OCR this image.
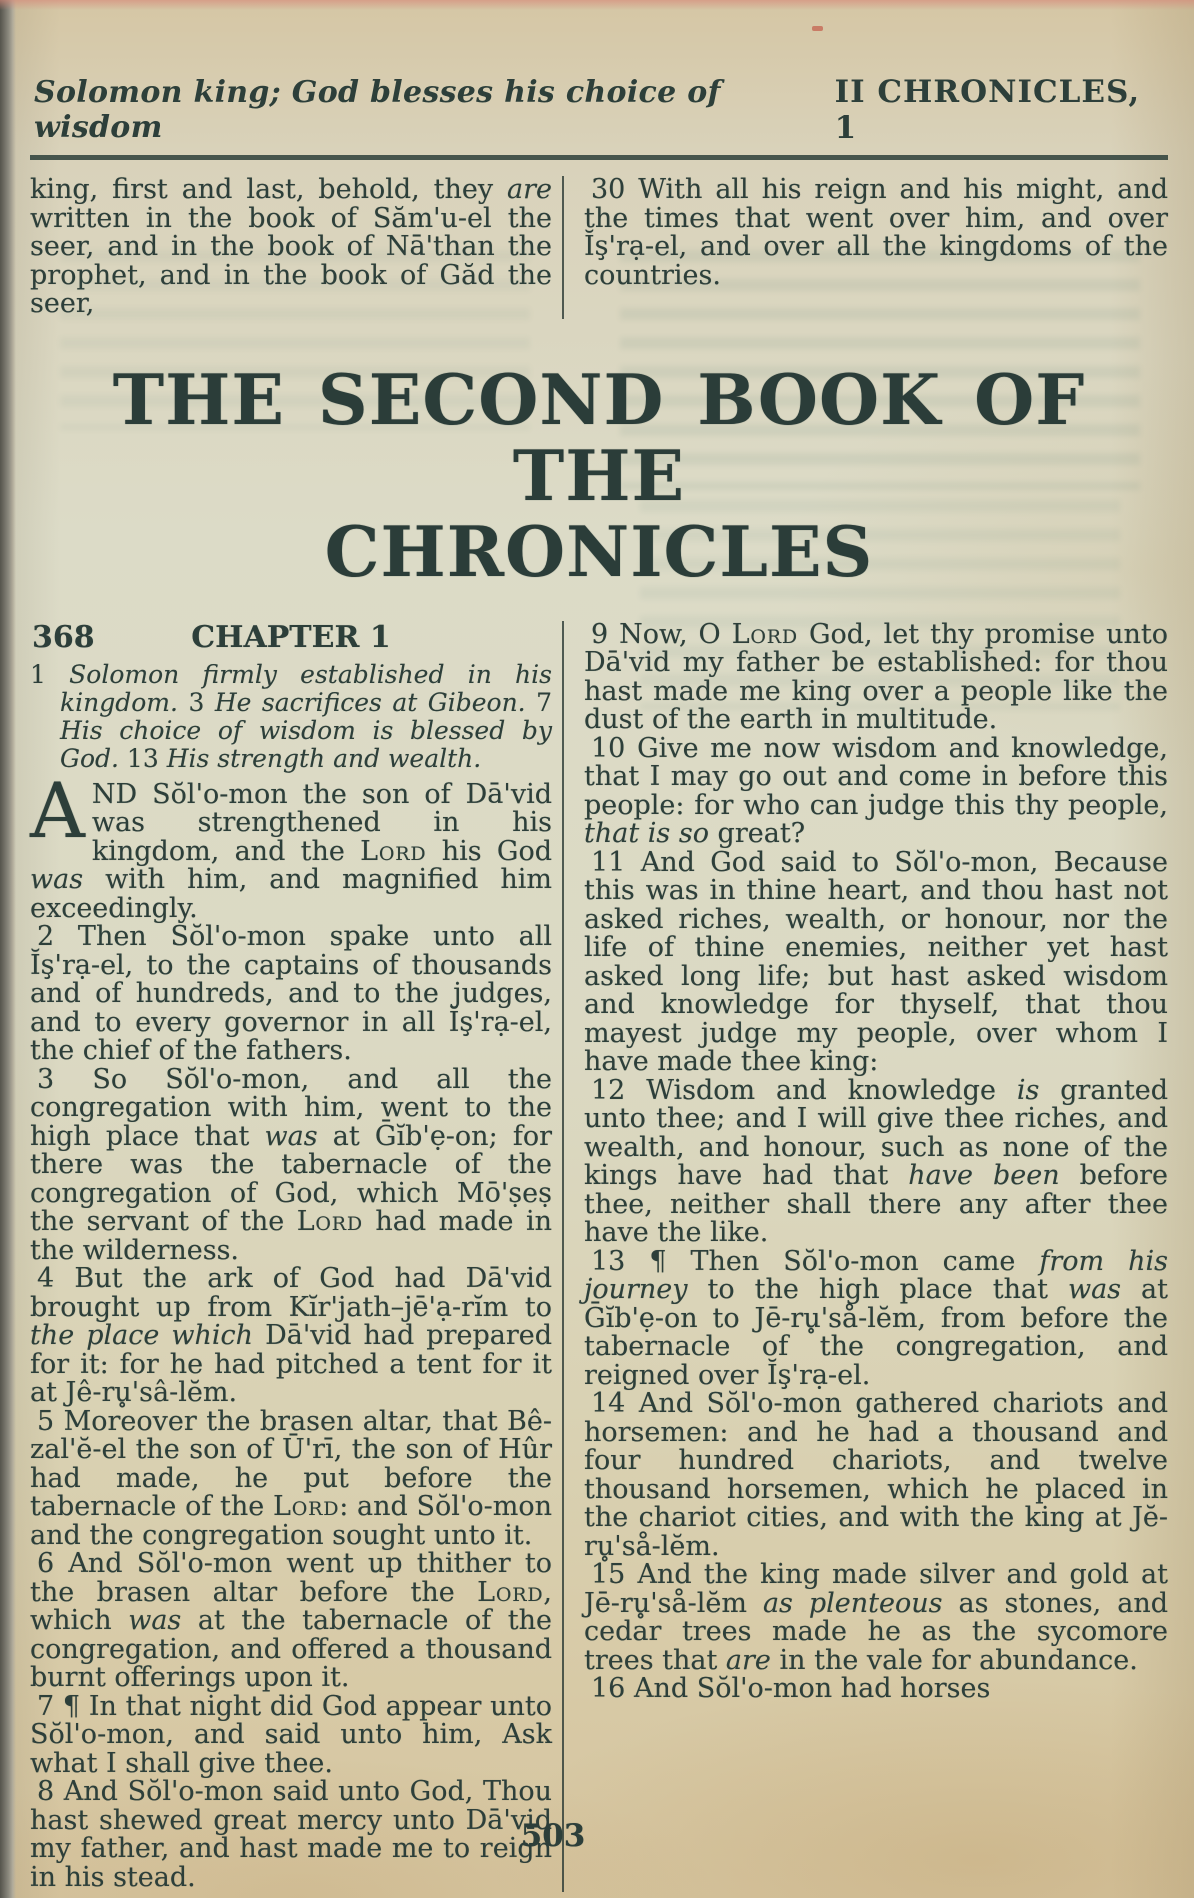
Solomon king; God blesses his choice of wisdom
II CHRONICLES, 1

king, first and last, behold, they are written in the book of Săm'u-el the seer, and in the book of Nā'than the prophet, and in the book of Găd the seer,

30 With all his reign and his might, and the times that went over him, and over Ĭş'rạ-el, and over all the kingdoms of the countries.

THE SECOND BOOK OF THE
CHRONICLES
368	CHAPTER 1

1 Solomon firmly established in his kingdom. 3 He sacrifices at Gibeon. 7 His choice of wisdom is blessed by God. 13 His strength and wealth.

AND Sŏl'o-mon the son of Dā'vid was strengthened in his kingdom, and the Lord his God was with him, and magnified him exceedingly.

2 Then Sŏl'o-mon spake unto all Ĭş'rạ-el, to the captains of thousands and of hundreds, and to the judges, and to every governor in all Ĭş'rạ-el, the chief of the fathers.

3 So Sŏl'o-mon, and all the congregation with him, went to the high place that was at Ḡĭb'ẹ-on; for there was the tabernacle of the congregation of God, which Mō'ṣeṣ the servant of the Lord had made in the wilderness.

4 But the ark of God had Dā'vid brought up from Kĭr'jath–jē'ạ-rĭm to the place which Dā'vid had prepared for it: for he had pitched a tent for it at Jê-ru̥'sâ-lĕm.

5 Moreover the brasen altar, that Bê-zal'ĕ-el the son of Ū'rī, the son of Hûr had made, he put before the tabernacle of the Lord: and Sŏl'o-mon and the congregation sought unto it.

6 And Sŏl'o-mon went up thither to the brasen altar before the Lord, which was at the tabernacle of the congregation, and offered a thousand burnt offerings upon it.

7 ¶ In that night did God appear unto Sŏl'o-mon, and said unto him, Ask what I shall give thee.

8 And Sŏl'o-mon said unto God, Thou hast shewed great mercy unto Dā'vid my father, and hast made me to reign in his stead.

9 Now, O Lord God, let thy promise unto Dā'vid my father be established: for thou hast made me king over a people like the dust of the earth in multitude.

10 Give me now wisdom and knowledge, that I may go out and come in before this people: for who can judge this thy people, that is so great?

11 And God said to Sŏl'o-mon, Because this was in thine heart, and thou hast not asked riches, wealth, or honour, nor the life of thine enemies, neither yet hast asked long life; but hast asked wisdom and knowledge for thyself, that thou mayest judge my people, over whom I have made thee king:

12 Wisdom and knowledge is granted unto thee; and I will give thee riches, and wealth, and honour, such as none of the kings have had that have been before thee, neither shall there any after thee have the like.

13 ¶ Then Sŏl'o-mon came from his journey to the high place that was at Ḡĭb'ẹ-on to Jē-ru̥'så-lĕm, from before the tabernacle of the congregation, and reigned over Ĭş'rạ-el.

14 And Sŏl'o-mon gathered chariots and horsemen: and he had a thousand and four hundred chariots, and twelve thousand horsemen, which he placed in the chariot cities, and with the king at Jĕ-ru̥'så-lĕm.

15 And the king made silver and gold at Jē-ru̥'så-lĕm as plenteous as stones, and cedar trees made he as the sycomore trees that are in the vale for abundance.

16 And Sŏl'o-mon had horses

503
